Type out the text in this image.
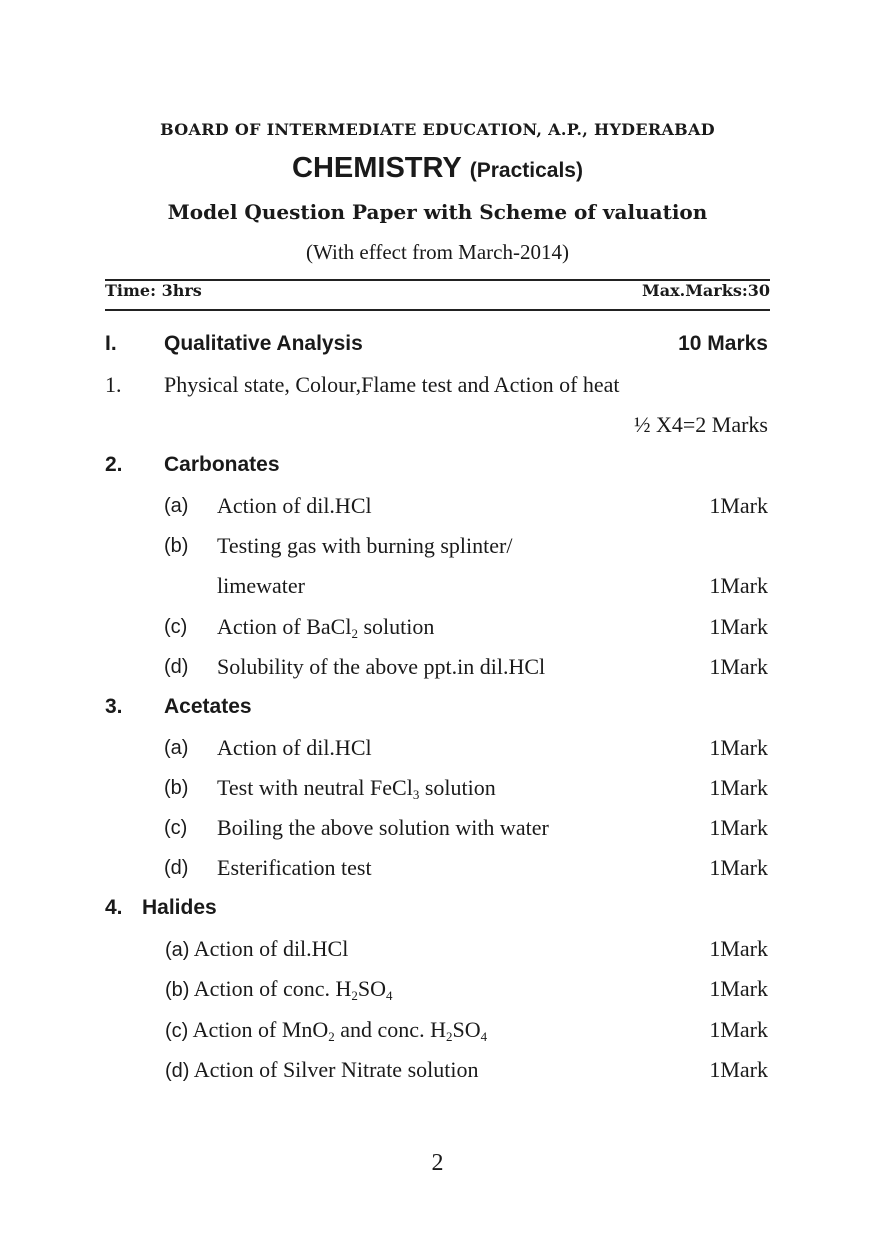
BOARD OF INTERMEDIATE EDUCATION, A.P., HYDERABAD
CHEMISTRY (Practicals)
Model Question Paper with Scheme of valuation
(With effect from March-2014)
Time: 3hrs	Max.Marks:30
I. Qualitative Analysis	10 Marks
1. Physical state, Colour,Flame test and Action of heat
½ X4=2 Marks
2. Carbonates
(a) Action of dil.HCl	1Mark
(b) Testing gas with burning splinter/
limewater	1Mark
(c) Action of BaCl$_2$ solution	1Mark
(d) Solubility of the above ppt.in dil.HCl	1Mark
3. Acetates
(a) Action of dil.HCl	1Mark
(b) Test with neutral FeCl$_3$ solution	1Mark
(c) Boiling the above solution with water	1Mark
(d) Esterification test	1Mark
4. Halides
(a) Action of dil.HCl	1Mark
(b) Action of conc. $H_2SO_4$	1Mark
(c) Action of MnO$_2$ and conc. $H_2SO_4$	1Mark
(d) Action of Silver Nitrate solution	1Mark
2
